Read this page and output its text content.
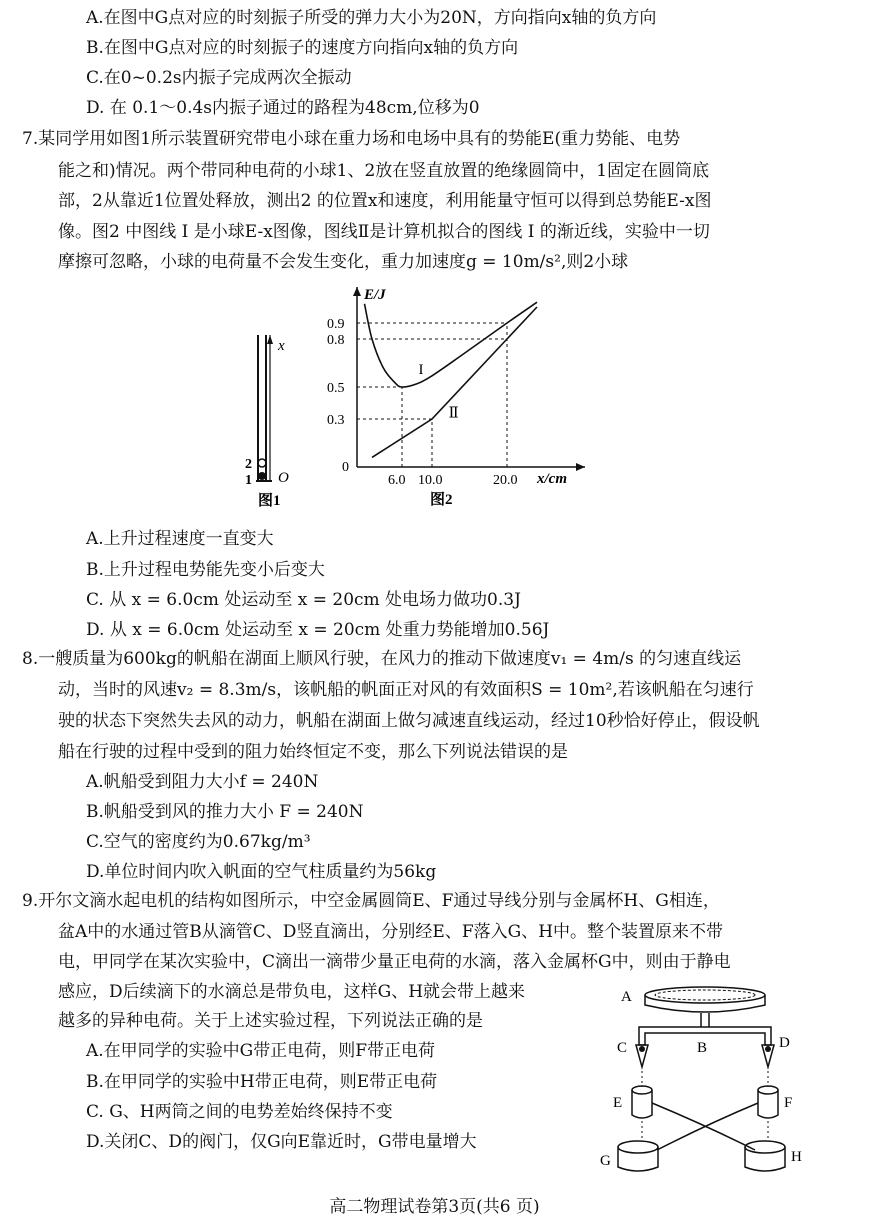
A.在图中G点对应的时刻振子所受的弹力大小为20N，方向指向x轴的负方向
B.在图中G点对应的时刻振子的速度方向指向x轴的负方向
C.在0~0.2s内振子完成两次全振动
D. 在 0.1～0.4s内振子通过的路程为48cm,位移为0
7.某同学用如图1所示装置研究带电小球在重力场和电场中具有的势能E(重力势能、电势
能之和)情况。两个带同种电荷的小球1、2放在竖直放置的绝缘圆筒中，1固定在圆筒底
部，2从靠近1位置处释放，测出2 的位置x和速度，利用能量守恒可以得到总势能E-x图
像。图2 中图线 I 是小球E-x图像，图线Ⅱ是计算机拟合的图线 I 的渐近线，实验中一切
摩擦可忽略，小球的电荷量不会发生变化，重力加速度g = 10m/s²,则2小球
x
2
1 O
图1
E/J
x/cm
0
0.3
0.5
0.8
0.9
6.0 10.0	20.0
I
Ⅱ
图2
A.上升过程速度一直变大
B.上升过程电势能先变小后变大
C. 从 x = 6.0cm 处运动至 x = 20cm 处电场力做功0.3J
D. 从 x = 6.0cm 处运动至 x = 20cm 处重力势能增加0.56J
8.一艘质量为600kg的帆船在湖面上顺风行驶，在风力的推动下做速度v₁ = 4m/s 的匀速直线运
动，当时的风速v₂ = 8.3m/s，该帆船的帆面正对风的有效面积S = 10m²,若该帆船在匀速行
驶的状态下突然失去风的动力，帆船在湖面上做匀减速直线运动，经过10秒恰好停止，假设帆
船在行驶的过程中受到的阻力始终恒定不变，那么下列说法错误的是
A.帆船受到阻力大小f = 240N
B.帆船受到风的推力大小 F = 240N
C.空气的密度约为0.67kg/m³
D.单位时间内吹入帆面的空气柱质量约为56kg
9.开尔文滴水起电机的结构如图所示，中空金属圆筒E、F通过导线分别与金属杯H、G相连，
盆A中的水通过管B从滴管C、D竖直滴出，分别经E、F落入G、H中。整个装置原来不带
电，甲同学在某次实验中，C滴出一滴带少量正电荷的水滴，落入金属杯G中，则由于静电
感应，D后续滴下的水滴总是带负电，这样G、H就会带上越来
越多的异种电荷。关于上述实验过程，下列说法正确的是
A.在甲同学的实验中G带正电荷，则F带正电荷
B.在甲同学的实验中H带正电荷，则E带正电荷
C. G、H两筒之间的电势差始终保持不变
D.关闭C、D的阀门，仅G向E靠近时，G带电量增大
A
B
C	D
E	F
G	H
高二物理试卷第3页(共6 页)
